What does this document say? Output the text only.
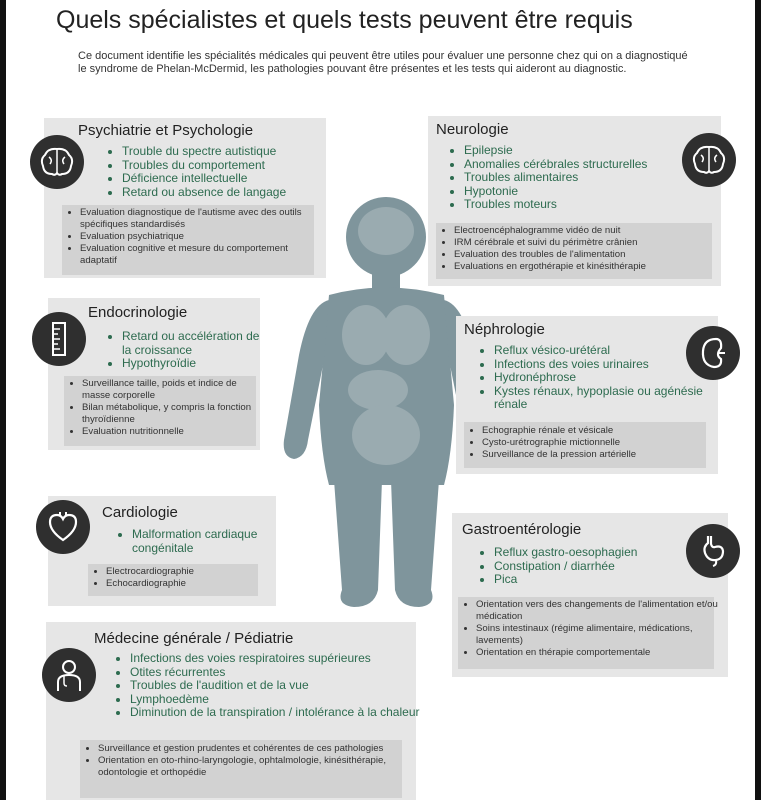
Quels spécialistes et quels tests peuvent être requis
Ce document identifie les spécialités médicales qui peuvent être utiles pour évaluer une personne chez qui on a diagnostiqué le syndrome de Phelan-McDermid, les pathologies pouvant être présentes et les tests qui aideront au diagnostic.
Psychiatrie et Psychologie
• Trouble du spectre autistique
• Troubles du comportement
• Déficience intellectuelle
• Retard ou absence de langage
• Evaluation diagnostique de l'autisme avec des outils spécifiques standardisés
• Evaluation psychiatrique
• Evaluation cognitive et mesure du comportement adaptatif
Neurologie
• Epilepsie
• Anomalies cérébrales structurelles
• Troubles alimentaires
• Hypotonie
• Troubles moteurs
• Electroencéphalogramme vidéo de nuit
• IRM cérébrale et suivi du périmètre crânien
• Evaluation des troubles de l'alimentation
• Evaluations en ergothérapie et kinésithérapie
Endocrinologie
• Retard ou accélération de la croissance
• Hypothyroïdie
• Surveillance taille, poids et indice de masse corporelle
• Bilan métabolique, y compris la fonction thyroïdienne
• Evaluation nutritionnelle
Néphrologie
• Reflux vésico-urétéral
• Infections des voies urinaires
• Hydronéphrose
• Kystes rénaux, hypoplasie ou agénésie rénale
• Echographie rénale et vésicale
• Cysto-urétrographie mictionnelle
• Surveillance de la pression artérielle
Cardiologie
• Malformation cardiaque congénitale
• Electrocardiographie
• Echocardiographie
Gastroentérologie
• Reflux gastro-oesophagien
• Constipation / diarrhée
• Pica
• Orientation vers des changements de l'alimentation et/ou médication
• Soins intestinaux (régime alimentaire, médications, lavements)
• Orientation en thérapie comportementale
Médecine générale / Pédiatrie
• Infections des voies respiratoires supérieures
• Otites récurrentes
• Troubles de l'audition et de la vue
• Lymphoedème
• Diminution de la transpiration / intolérance à la chaleur
• Surveillance et gestion prudentes et cohérentes de ces pathologies
• Orientation en oto-rhino-laryngologie, ophtalmologie, kinésithérapie, odontologie et orthopédie
